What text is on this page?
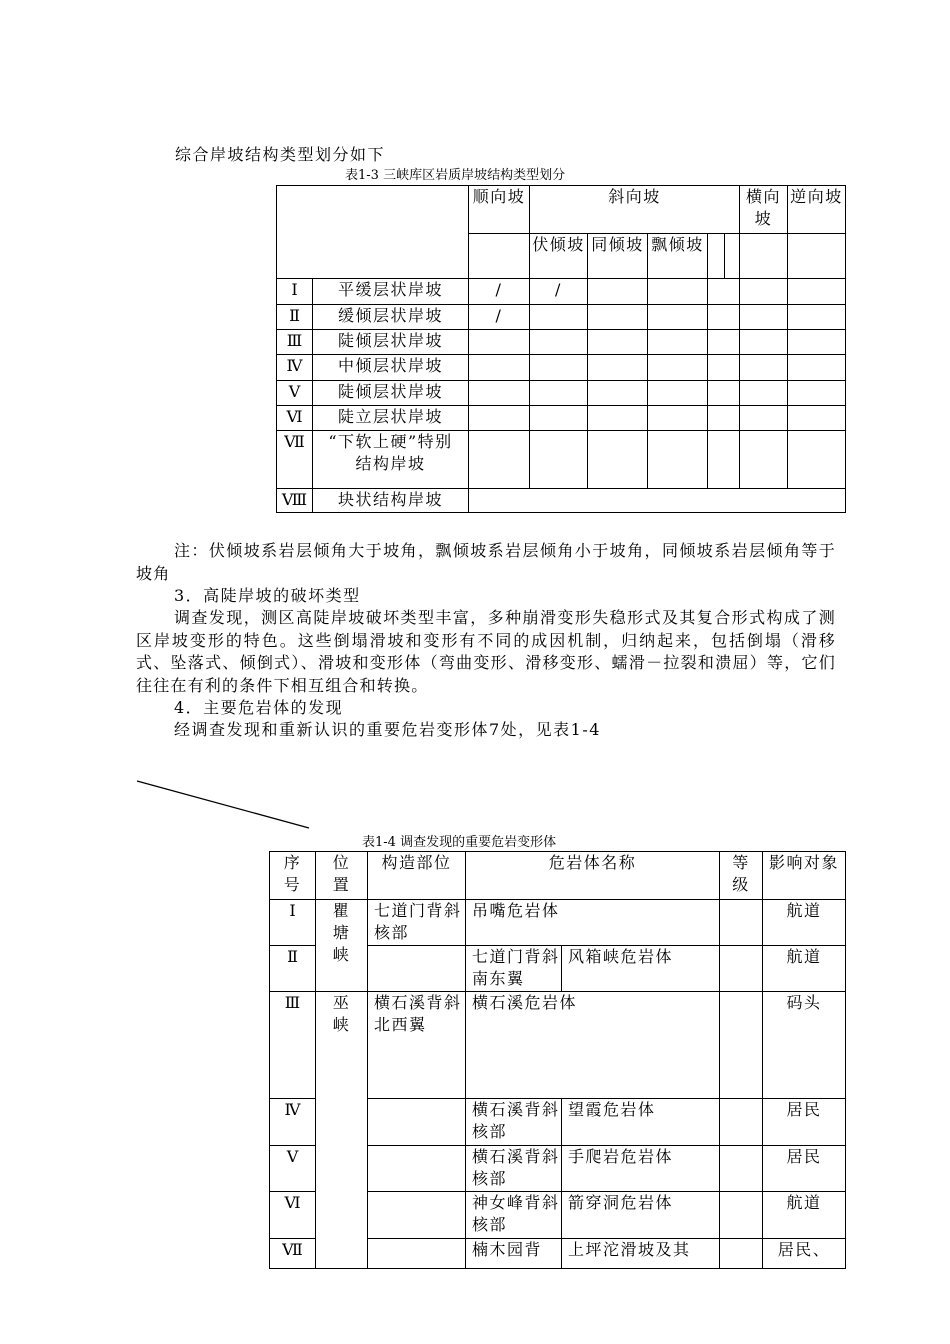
综合岸坡结构类型划分如下
表1-3 三峡库区岩质岸坡结构类型划分
		顺向坡	斜向坡					横向坡	逆向坡
			伏倾坡	同倾坡	飘倾坡				
Ⅰ	平缓层状岸坡	/	/						
Ⅱ	缓倾层状岸坡	/							
Ⅲ	陡倾层状岸坡								
Ⅳ	中倾层状岸坡								
Ⅴ	陡倾层状岸坡								
Ⅵ	陡立层状岸坡								
Ⅶ	“下软上硬”特别结构岸坡								
Ⅷ	块状结构岸坡								
注：伏倾坡系岩层倾角大于坡角，飘倾坡系岩层倾角小于坡角，同倾坡系岩层倾角等于坡角
3．高陡岸坡的破坏类型
调查发现，测区高陡岸坡破坏类型丰富，多种崩滑变形失稳形式及其复合形式构成了测区岸坡变形的特色。这些倒塌滑坡和变形有不同的成因机制，归纳起来，包括倒塌（滑移式、坠落式、倾倒式）、滑坡和变形体（弯曲变形、滑移变形、蠕滑－拉裂和溃屈）等，它们往往在有利的条件下相互组合和转换。
4．主要危岩体的发现
经调查发现和重新认识的重要危岩变形体7处，见表1-4
表1-4 调查发现的重要危岩变形体
序号	位置	构造部位	危岩体名称		等级	影响对象
Ⅰ	瞿塘峡	七道门背斜核部	吊嘴危岩体			航道
Ⅱ			七道门背斜南东翼	风箱峡危岩体		航道
Ⅲ	巫峡	横石溪背斜北西翼	横石溪危岩体			码头
Ⅳ			横石溪背斜核部	望霞危岩体		居民
Ⅴ			横石溪背斜核部	手爬岩危岩体		居民
Ⅵ			神女峰背斜核部	箭穿洞危岩体		航道
Ⅶ			楠木园背	上坪沱滑坡及其		居民、
